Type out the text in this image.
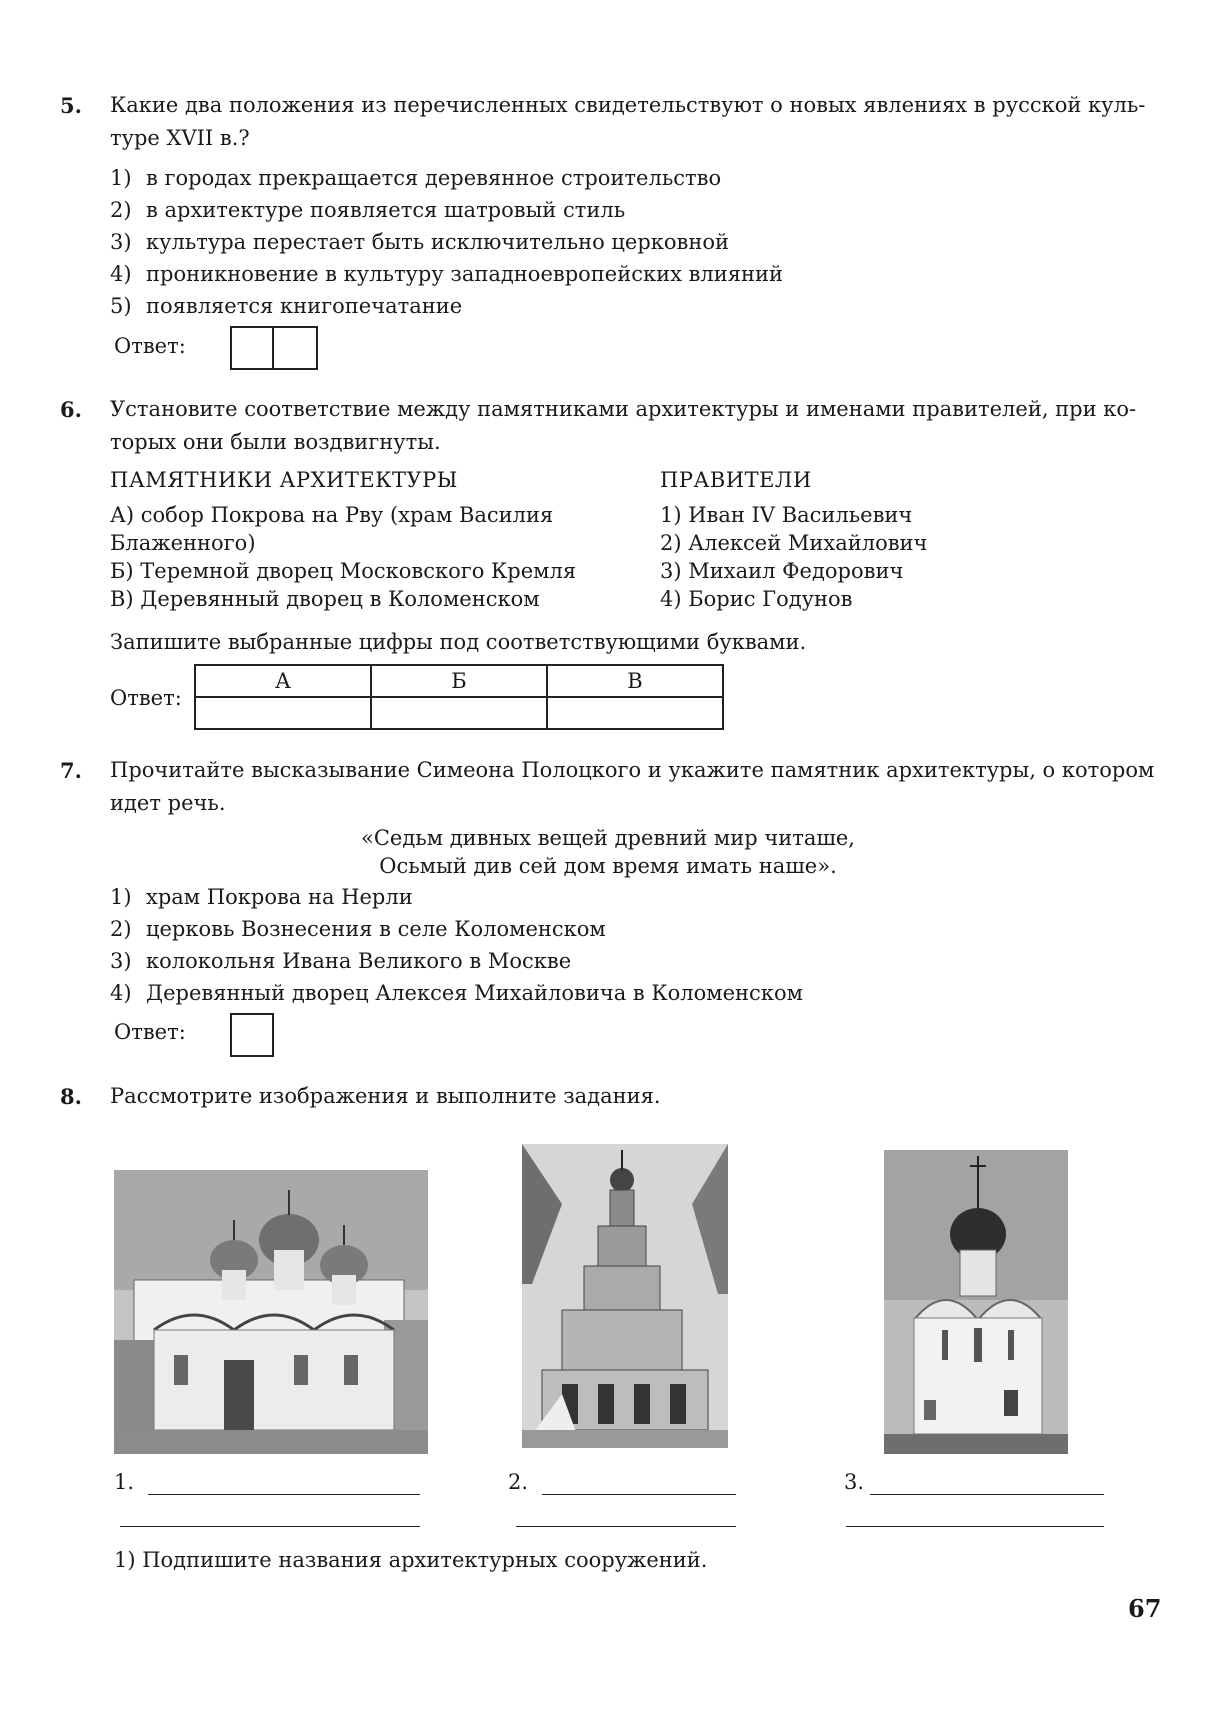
5. Какие два положения из перечисленных свидетельствуют о новых явлениях в русской куль-
туре XVII в.?
1) в городах прекращается деревянное строительство
2) в архитектуре появляется шатровый стиль
3) культура перестает быть исключительно церковной
4) проникновение в культуру западноевропейских влияний
5) появляется книгопечатание
Ответ:
6. Установите соответствие между памятниками архитектуры и именами правителей, при ко-
торых они были воздвигнуты.
ПАМЯТНИКИ АРХИТЕКТУРЫ	ПРАВИТЕЛИ
А) собор Покрова на Рву (храм Василия
Блаженного)
Б) Теремной дворец Московского Кремля
В) Деревянный дворец в Коломенском
1) Иван IV Васильевич
2) Алексей Михайлович
3) Михаил Федорович
4) Борис Годунов
Запишите выбранные цифры под соответствующими буквами.
Ответ:
А	Б	В

7. Прочитайте высказывание Симеона Полоцкого и укажите памятник архитектуры, о котором
идет речь.
«Седьм дивных вещей древний мир читаше,
Осьмый див сей дом время имать наше».
1) храм Покрова на Нерли
2) церковь Вознесения в селе Коломенском
3) колокольня Ивана Великого в Москве
4) Деревянный дворец Алексея Михайловича в Коломенском
Ответ:
8. Рассмотрите изображения и выполните задания.
1.	2.	3.
1) Подпишите названия архитектурных сооружений.
67
